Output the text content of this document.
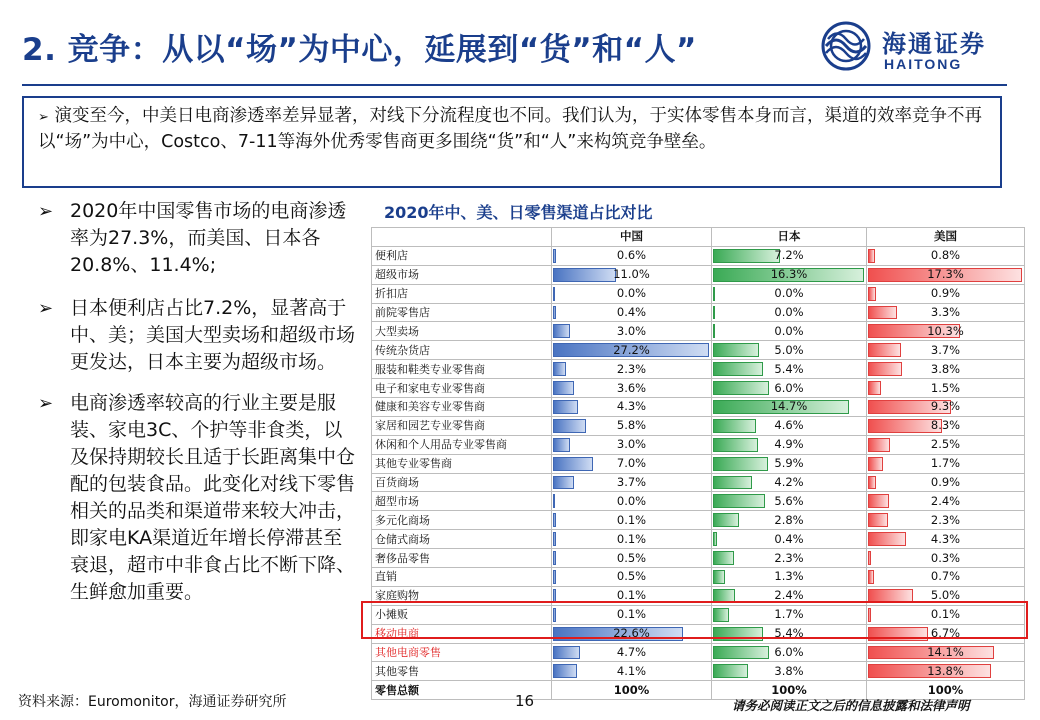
2. 竞争：从以“场”为中心，延展到“货”和“人”	海通证券
HAITONG
➢ 演变至今，中美日电商渗透率差异显著，对线下分流程度也不同。我们认为，于实体零售本身而言，渠道的效率竞争不再以“场”为中心，Costco、7-11等海外优秀零售商更多围绕“货”和“人”来构筑竞争壁垒。
➢ 2020年中国零售市场的电商渗透率为27.3%，而美国、日本各20.8%、11.4%;
➢ 日本便利店占比7.2%，显著高于中、美；美国大型卖场和超级市场更发达，日本主要为超级市场。
➢ 电商渗透率较高的行业主要是服装、家电3C、个护等非食类，以及保持期较长且适于长距离集中仓配的包装食品。此变化对线下零售相关的品类和渠道带来较大冲击，即家电KA渠道近年增长停滞甚至衰退，超市中非食占比不断下降、生鲜愈加重要。
2020年中、美、日零售渠道占比对比
	中国	日本	美国
便利店	0.6%	7.2%	0.8%
超级市场	11.0%	16.3%	17.3%
折扣店	0.0%	0.0%	0.9%
前院零售店	0.4%	0.0%	3.3%
大型卖场	3.0%	0.0%	10.3%
传统杂货店	27.2%	5.0%	3.7%
服装和鞋类专业零售商	2.3%	5.4%	3.8%
电子和家电专业零售商	3.6%	6.0%	1.5%
健康和美容专业零售商	4.3%	14.7%	9.3%
家居和园艺专业零售商	5.8%	4.6%	8.3%
休闲和个人用品专业零售商	3.0%	4.9%	2.5%
其他专业零售商	7.0%	5.9%	1.7%
百货商场	3.7%	4.2%	0.9%
超型市场	0.0%	5.6%	2.4%
多元化商场	0.1%	2.8%	2.3%
仓储式商场	0.1%	0.4%	4.3%
奢侈品零售	0.5%	2.3%	0.3%
直销	0.5%	1.3%	0.7%
家庭购物	0.1%	2.4%	5.0%
小摊贩	0.1%	1.7%	0.1%
移动电商	22.6%	5.4%	6.7%
其他电商零售	4.7%	6.0%	14.1%
其他零售	4.1%	3.8%	13.8%
零售总额	100%	100%	100%
资料来源：Euromonitor，海通证券研究所	16	请务必阅读正文之后的信息披露和法律声明
